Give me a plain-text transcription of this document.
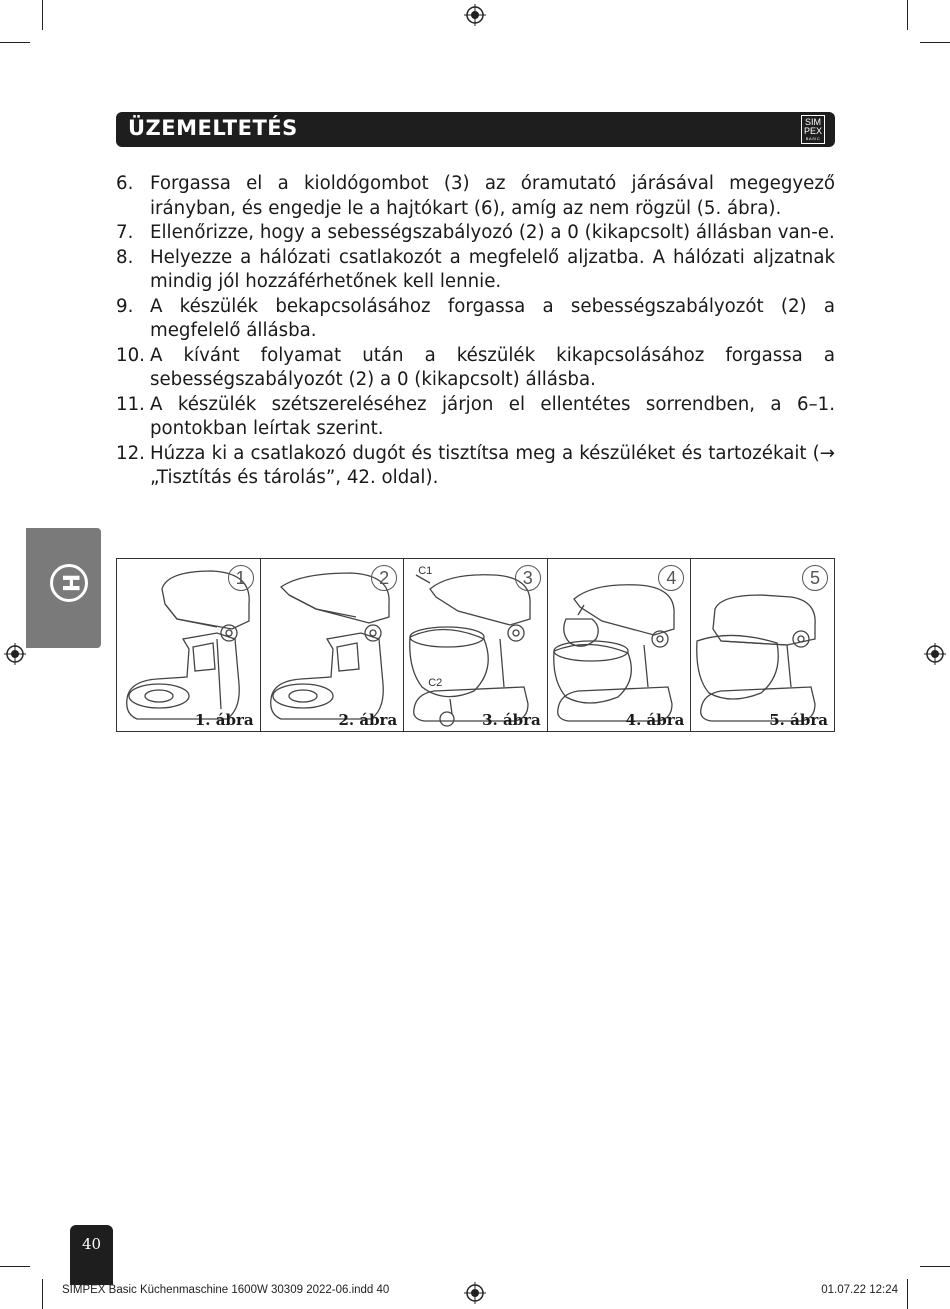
ÜZEMELTETÉS	SIM
PEX
BASIC
6. Forgassa el a kioldógombot (3) az óramutató járásával megegyező irányban, és engedje le a hajtókart (6), amíg az nem rögzül (5. ábra).
7. Ellenőrizze, hogy a sebességszabályozó (2) a 0 (kikapcsolt) állásban van-e.
8. Helyezze a hálózati csatlakozót a megfelelő aljzatba. A hálózati aljzatnak mindig jól hozzáférhetőnek kell lennie.
9. A készülék bekapcsolásához forgassa a sebességszabályozót (2) a megfelelő állásba.
10. A kívánt folyamat után a készülék kikapcsolásához forgassa a sebességszabályozót (2) a 0 (kikapcsolt) állásba.
11. A készülék szétszereléséhez járjon el ellentétes sorrendben, a 6–1. pontokban leírtak szerint.
12. Húzza ki a csatlakozó dugót és tisztítsa meg a készüléket és tartozékait (→ „Tisztítás és tárolás”, 42. oldal).
H	1
1. ábra
2
2. ábra
C1
C2
3
3. ábra
4
4. ábra
5
5. ábra
40
SIMPEX Basic Küchenmaschine 1600W 30309 2022-06.indd 40	01.07.22 12:24
